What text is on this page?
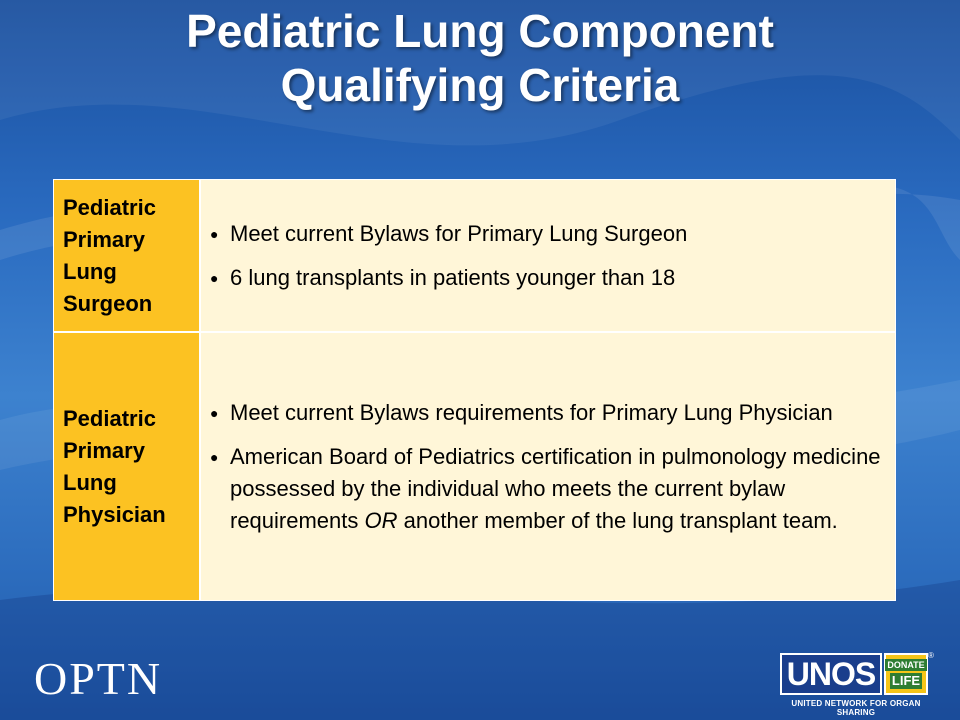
Pediatric Lung Component
Qualifying Criteria
Pediatric
Primary
Lung
Surgeon
● Meet current Bylaws for Primary Lung Surgeon
● 6 lung transplants in patients younger than 18
Pediatric
Primary
Lung
Physician
● Meet current Bylaws requirements for Primary Lung Physician
● American Board of Pediatrics certification in pulmonology medicine possessed by the individual who meets the current bylaw requirements OR another member of the lung transplant team.
OPTN	UNOS	DONATE
LIFE
®
UNITED NETWORK FOR ORGAN SHARING
